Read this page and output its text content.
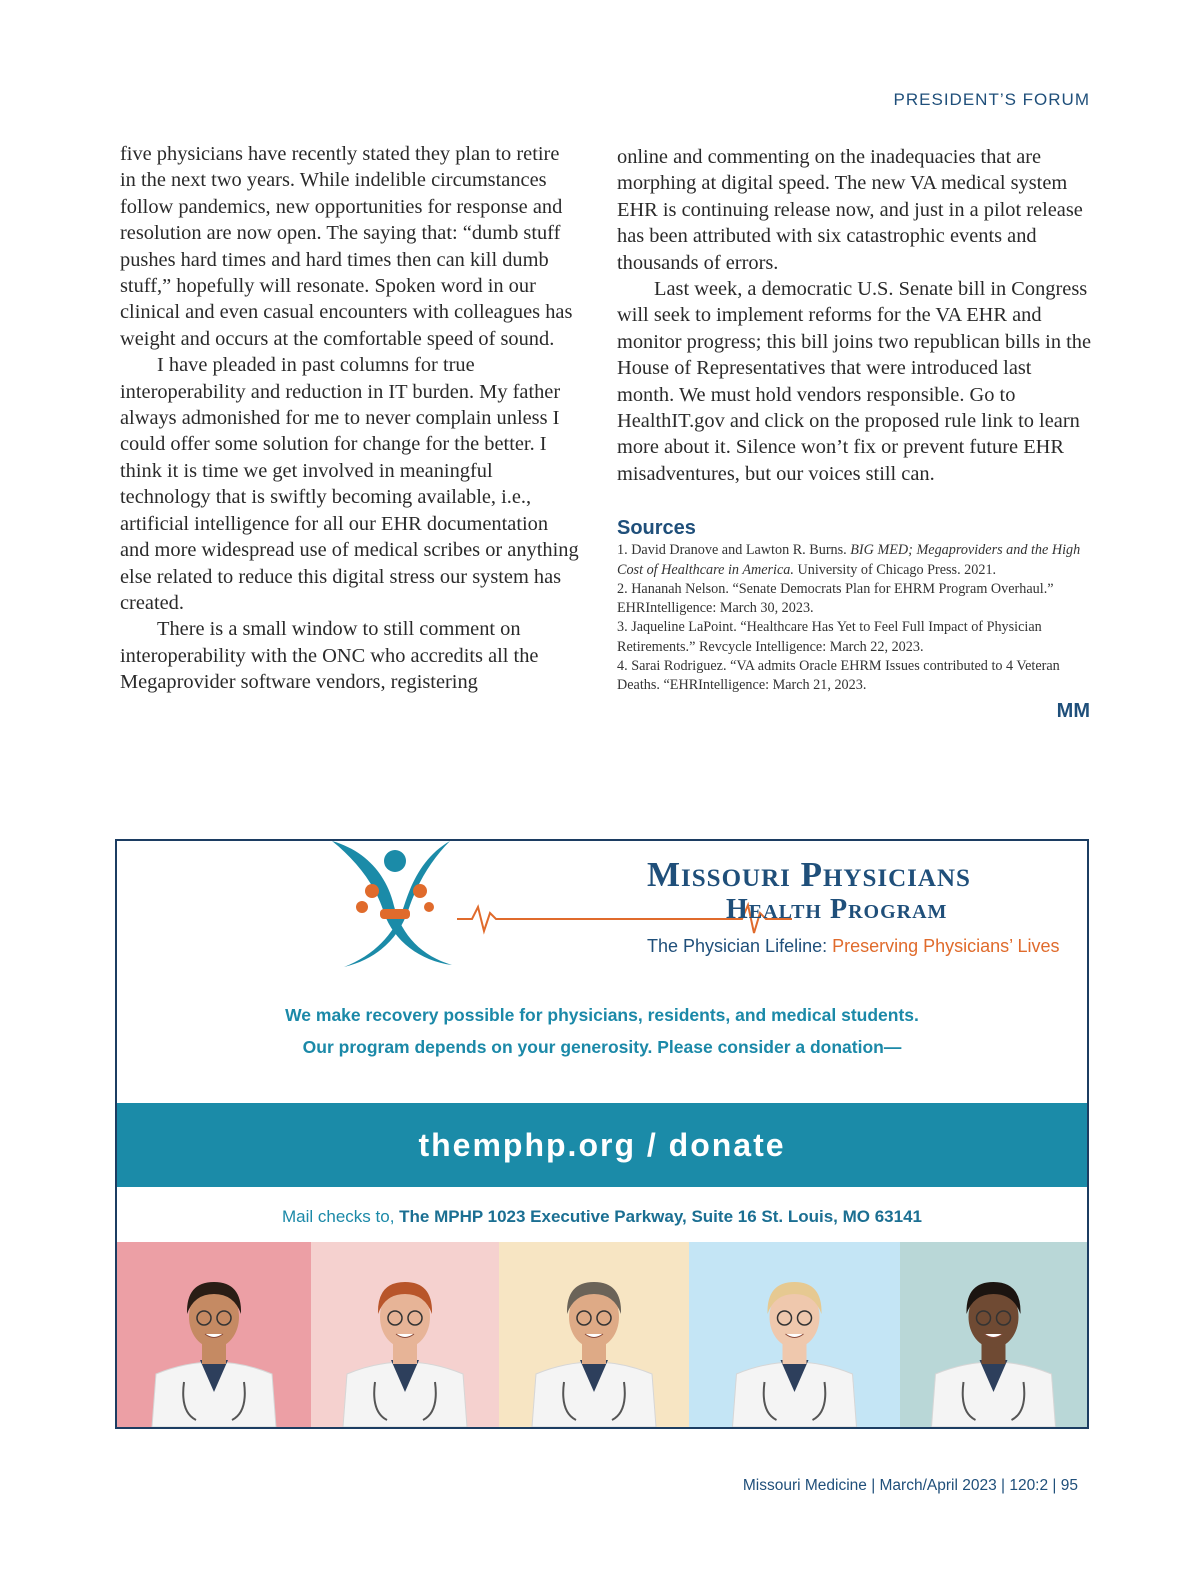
PRESIDENT’S FORUM

five physicians have recently stated they plan to retire in the next two years. While indelible circumstances follow pandemics, new opportunities for response and resolution are now open. The saying that: “dumb stuff pushes hard times and hard times then can kill dumb stuff,” hopefully will resonate. Spoken word in our clinical and even casual encounters with colleagues has weight and occurs at the comfortable speed of sound.

I have pleaded in past columns for true interoperability and reduction in IT burden. My father always admonished for me to never complain unless I could offer some solution for change for the better. I think it is time we get involved in meaningful technology that is swiftly becoming available, i.e., artificial intelligence for all our EHR documentation and more widespread use of medical scribes or anything else related to reduce this digital stress our system has created.

There is a small window to still comment on interoperability with the ONC who accredits all the Megaprovider software vendors, registering

online and commenting on the inadequacies that are morphing at digital speed. The new VA medical system EHR is continuing release now, and just in a pilot release has been attributed with six catastrophic events and thousands of errors.

Last week, a democratic U.S. Senate bill in Congress will seek to implement reforms for the VA EHR and monitor progress; this bill joins two republican bills in the House of Representatives that were introduced last month. We must hold vendors responsible. Go to HealthIT.gov and click on the proposed rule link to learn more about it. Silence won’t fix or prevent future EHR misadventures, but our voices still can.

Sources
1. David Dranove and Lawton R. Burns. BIG MED; Megaproviders and the High Cost of Healthcare in America. University of Chicago Press. 2021.
2. Hananah Nelson. “Senate Democrats Plan for EHRM Program Overhaul.” EHRIntelligence: March 30, 2023.
3. Jaqueline LaPoint. “Healthcare Has Yet to Feel Full Impact of Physician Retirements.” Revcycle Intelligence: March 22, 2023.
4. Sarai Rodriguez. “VA admits Oracle EHRM Issues contributed to 4 Veteran Deaths. “EHRIntelligence: March 21, 2023.
MM
Missouri Physicians
Health Program
The Physician Lifeline: Preserving Physicians’ Lives
We make recovery possible for physicians, residents, and medical students.
Our program depends on your generosity. Please consider a donation—
themphp.org / donate
Mail checks to, The MPHP 1023 Executive Parkway, Suite 16 St. Louis, MO 63141
Missouri Medicine | March/April 2023 | 120:2 | 95
